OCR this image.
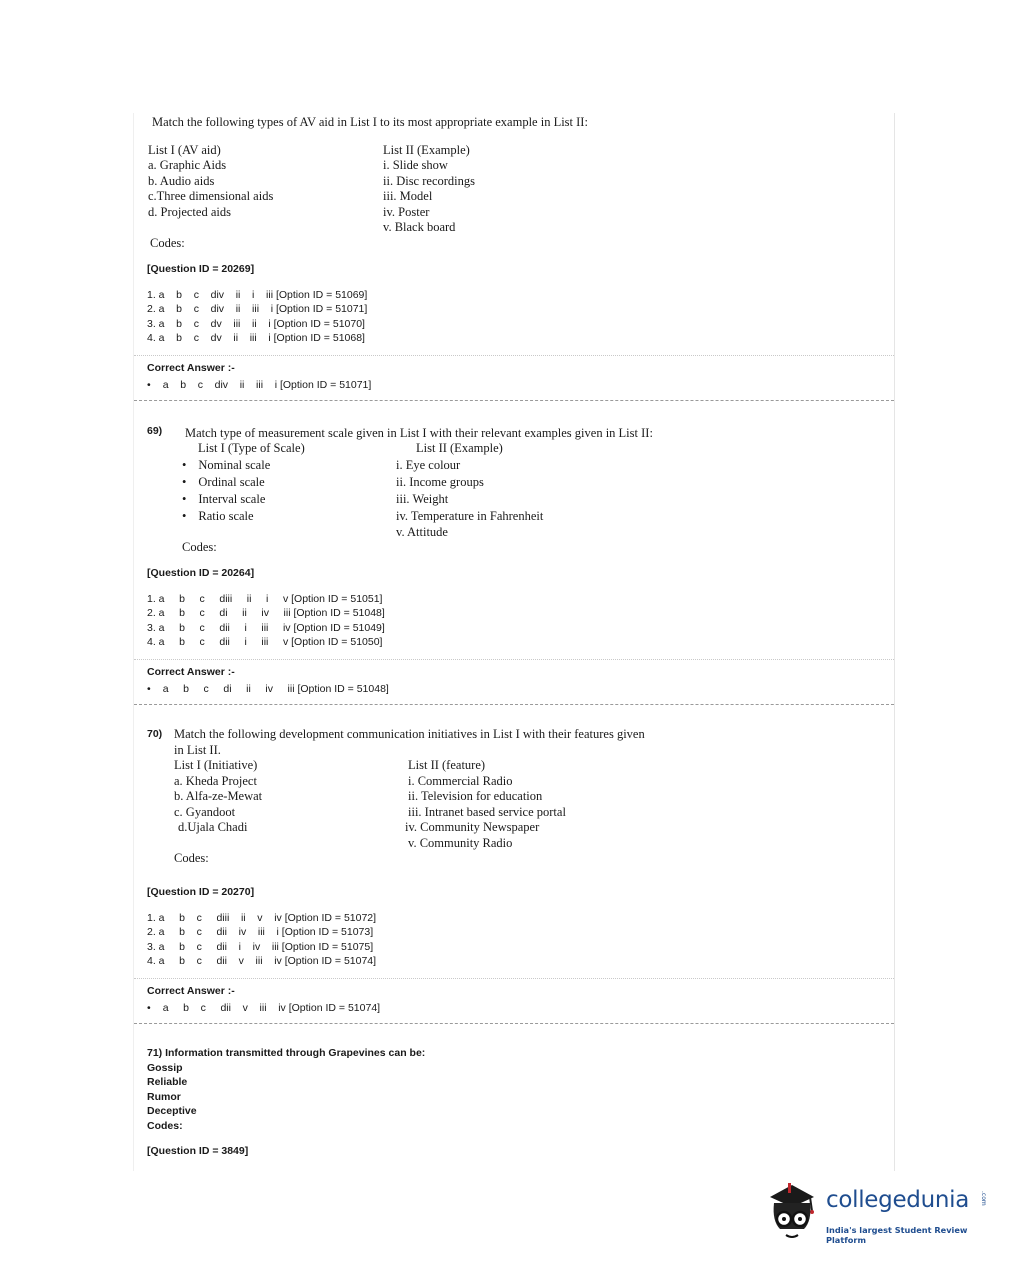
Match the following types of AV aid in List I to its most appropriate example in List II:
List I (AV aid)
a. Graphic Aids
b. Audio aids
c.Three dimensional aids
d. Projected aids
List II (Example)
i. Slide show
ii. Disc recordings
iii. Model
iv. Poster
v. Black board
Codes:
[Question ID = 20269]
1. a    b    c    div    ii    i    iii [Option ID = 51069]
2. a    b    c    div    ii    iii    i [Option ID = 51071]
3. a    b    c    dv    iii    ii    i [Option ID = 51070]
4. a    b    c    dv    ii    iii    i [Option ID = 51068]
Correct Answer :-
• a    b    c    div    ii    iii    i [Option ID = 51071]
69) Match type of measurement scale given in List I with their relevant examples given in List II:
List I (Type of Scale)	List II (Example)
• Nominal scale
• Ordinal scale
• Interval scale
• Ratio scale
i. Eye colour
ii. Income groups
iii. Weight
iv. Temperature in Fahrenheit
v. Attitude
Codes:
[Question ID = 20264]
1. a     b     c     diii     ii     i     v [Option ID = 51051]
2. a     b     c     di     ii     iv     iii [Option ID = 51048]
3. a     b     c     dii     i     iii     iv [Option ID = 51049]
4. a     b     c     dii     i     iii     v [Option ID = 51050]
Correct Answer :-
• a     b     c     di     ii     iv     iii [Option ID = 51048]
70) Match the following development communication initiatives in List I with their features given
in List II.
List I (Initiative)
a. Kheda Project
b. Alfa-ze-Mewat
c. Gyandoot
d.Ujala Chadi
List II (feature)
i. Commercial Radio
ii. Television for education
iii. Intranet based service portal
iv. Community Newspaper
v. Community Radio
Codes:
[Question ID = 20270]
1. a     b    c     diii    ii    v    iv [Option ID = 51072]
2. a     b    c     dii    iv    iii    i [Option ID = 51073]
3. a     b    c     dii    i    iv    iii [Option ID = 51075]
4. a     b    c     dii    v    iii    iv [Option ID = 51074]
Correct Answer :-
• a     b    c     dii    v    iii    iv [Option ID = 51074]
71) Information transmitted through Grapevines can be:
Gossip
Reliable
Rumor
Deceptive
Codes:
[Question ID = 3849]
collegedunia .com
India's largest Student Review Platform
